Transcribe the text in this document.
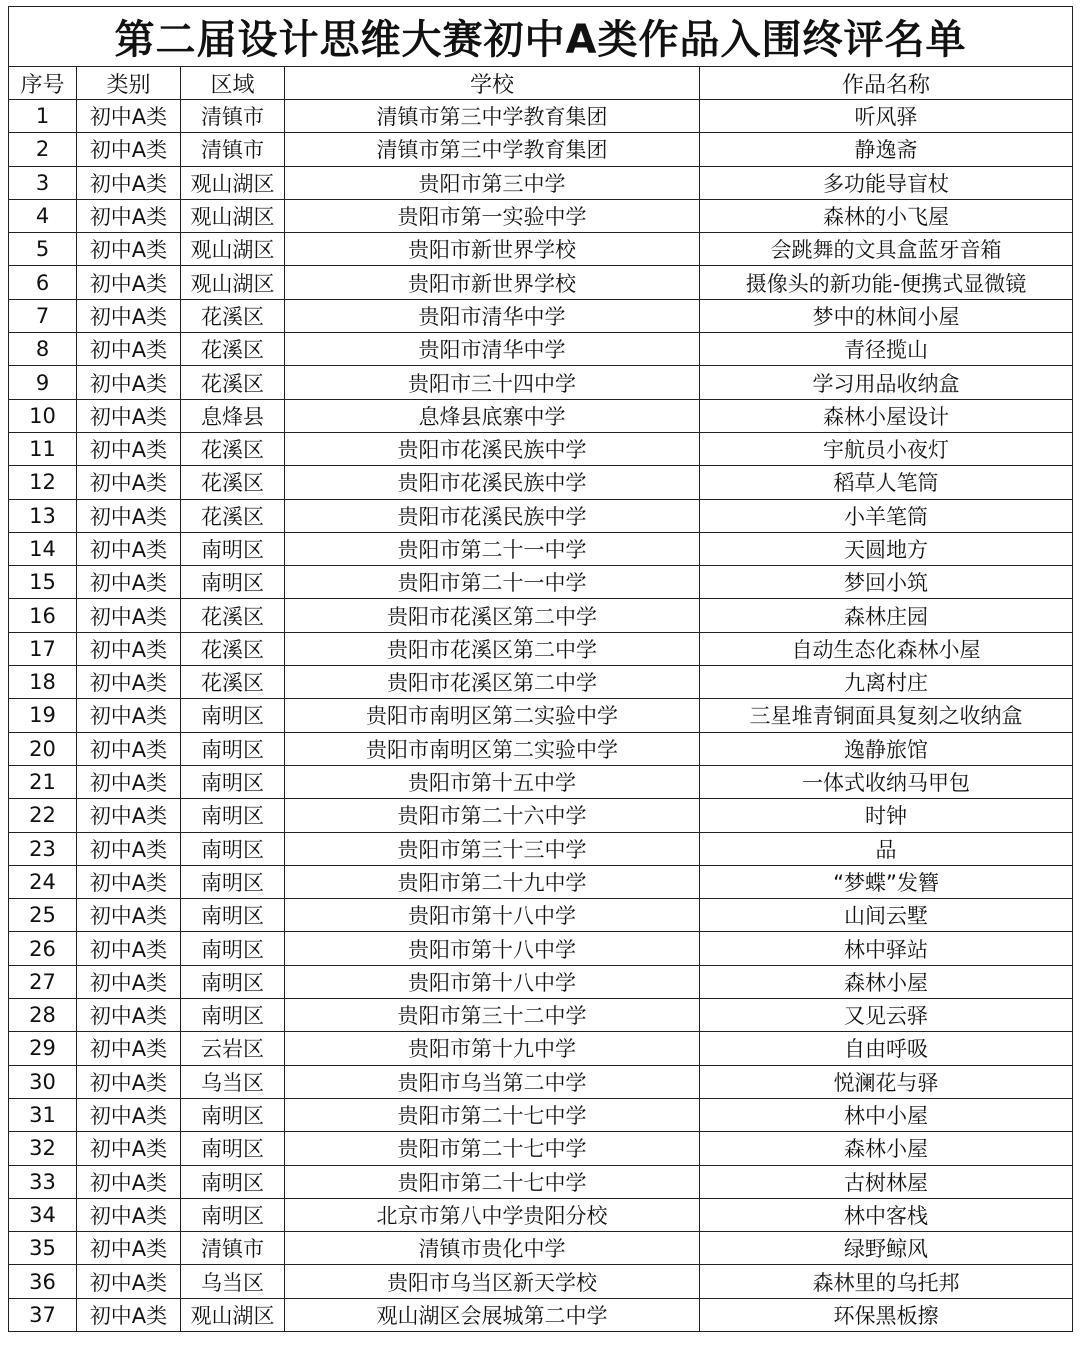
第二届设计思维大赛初中A类作品入围终评名单				
序号	类别	区域	学校	作品名称
1	初中A类	清镇市	清镇市第三中学教育集团	听风驿
2	初中A类	清镇市	清镇市第三中学教育集团	静逸斋
3	初中A类	观山湖区	贵阳市第三中学	多功能导盲杖
4	初中A类	观山湖区	贵阳市第一实验中学	森林的小飞屋
5	初中A类	观山湖区	贵阳市新世界学校	会跳舞的文具盒蓝牙音箱
6	初中A类	观山湖区	贵阳市新世界学校	摄像头的新功能-便携式显微镜
7	初中A类	花溪区	贵阳市清华中学	梦中的林间小屋
8	初中A类	花溪区	贵阳市清华中学	青径揽山
9	初中A类	花溪区	贵阳市三十四中学	学习用品收纳盒
10	初中A类	息烽县	息烽县底寨中学	森林小屋设计
11	初中A类	花溪区	贵阳市花溪民族中学	宇航员小夜灯
12	初中A类	花溪区	贵阳市花溪民族中学	稻草人笔筒
13	初中A类	花溪区	贵阳市花溪民族中学	小羊笔筒
14	初中A类	南明区	贵阳市第二十一中学	天圆地方
15	初中A类	南明区	贵阳市第二十一中学	梦回小筑
16	初中A类	花溪区	贵阳市花溪区第二中学	森林庄园
17	初中A类	花溪区	贵阳市花溪区第二中学	自动生态化森林小屋
18	初中A类	花溪区	贵阳市花溪区第二中学	九离村庄
19	初中A类	南明区	贵阳市南明区第二实验中学	三星堆青铜面具复刻之收纳盒
20	初中A类	南明区	贵阳市南明区第二实验中学	逸静旅馆
21	初中A类	南明区	贵阳市第十五中学	一体式收纳马甲包
22	初中A类	南明区	贵阳市第二十六中学	时钟
23	初中A类	南明区	贵阳市第三十三中学	品
24	初中A类	南明区	贵阳市第二十九中学	“梦蝶”发簪
25	初中A类	南明区	贵阳市第十八中学	山间云墅
26	初中A类	南明区	贵阳市第十八中学	林中驿站
27	初中A类	南明区	贵阳市第十八中学	森林小屋
28	初中A类	南明区	贵阳市第三十二中学	又见云驿
29	初中A类	云岩区	贵阳市第十九中学	自由呼吸
30	初中A类	乌当区	贵阳市乌当第二中学	悦澜花与驿
31	初中A类	南明区	贵阳市第二十七中学	林中小屋
32	初中A类	南明区	贵阳市第二十七中学	森林小屋
33	初中A类	南明区	贵阳市第二十七中学	古树林屋
34	初中A类	南明区	北京市第八中学贵阳分校	林中客栈
35	初中A类	清镇市	清镇市贵化中学	绿野鲸风
36	初中A类	乌当区	贵阳市乌当区新天学校	森林里的乌托邦
37	初中A类	观山湖区	观山湖区会展城第二中学	环保黑板擦
